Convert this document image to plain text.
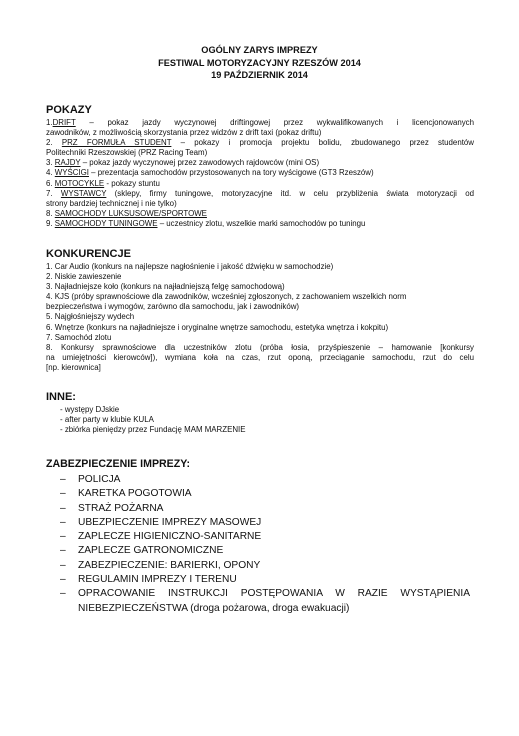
OGÓLNY ZARYS IMPREZY
FESTIWAL MOTORYZACYJNY RZESZÓW 2014
19 PAŹDZIERNIK 2014
POKAZY
1.DRIFT – pokaz jazdy wyczynowej driftingowej przez wykwalifikowanych i licencjonowanych
zawodników, z możliwością skorzystania przez widzów z drift taxi (pokaz driftu)
2. PRZ FORMUŁA STUDENT – pokazy i promocja projektu bolidu, zbudowanego przez studentów
Politechniki Rzeszowskiej (PRZ Racing Team)
3. RAJDY – pokaz jazdy wyczynowej przez zawodowych rajdowców (mini OS)
4. WYŚCIGI – prezentacja samochodów przystosowanych na tory wyścigowe (GT3 Rzeszów)
6. MOTOCYKLE - pokazy stuntu
7. WYSTAWCY (sklepy, firmy tuningowe, motoryzacyjne itd. w celu przybliżenia świata motoryzacji od
strony bardziej technicznej i nie tylko)
8. SAMOCHODY LUKSUSOWE/SPORTOWE
9. SAMOCHODY TUNINGOWE – uczestnicy zlotu, wszelkie marki samochodów po tuningu
KONKURENCJE
1. Car Audio (konkurs na najlepsze nagłośnienie i jakość dźwięku w samochodzie)
2. Niskie zawieszenie
3. Najładniejsze koło (konkurs na najładniejszą felgę samochodową)
4. KJS (próby sprawnościowe dla zawodników, wcześniej zgłoszonych, z zachowaniem wszelkich norm
bezpieczeństwa i wymogów, zarówno dla samochodu, jak i zawodników)
5. Najgłośniejszy wydech
6. Wnętrze (konkurs na najładniejsze i oryginalne wnętrze samochodu, estetyka wnętrza i kokpitu)
7. Samochód zlotu
8. Konkursy sprawnościowe dla uczestników zlotu (próba łosia, przyśpieszenie – hamowanie [konkursy
na umiejętności kierowców]), wymiana koła na czas, rzut oponą, przeciąganie samochodu, rzut do celu
[np. kierownica]
INNE:
- występy DJskie
- after party w klubie KULA
- zbiórka pieniędzy przez Fundację MAM MARZENIE
ZABEZPIECZENIE IMPREZY:
– POLICJA
– KARETKA POGOTOWIA
– STRAŻ POŻARNA
– UBEZPIECZENIE IMPREZY MASOWEJ
– ZAPLECZE HIGIENICZNO-SANITARNE
– ZAPLECZE GATRONOMICZNE
– ZABEZPIECZENIE: BARIERKI, OPONY
– REGULAMIN IMPREZY I TERENU
– OPRACOWANIE INSTRUKCJI POSTĘPOWANIA W RAZIE WYSTĄPIENIA
NIEBEZPIECZEŃSTWA (droga pożarowa, droga ewakuacji)
